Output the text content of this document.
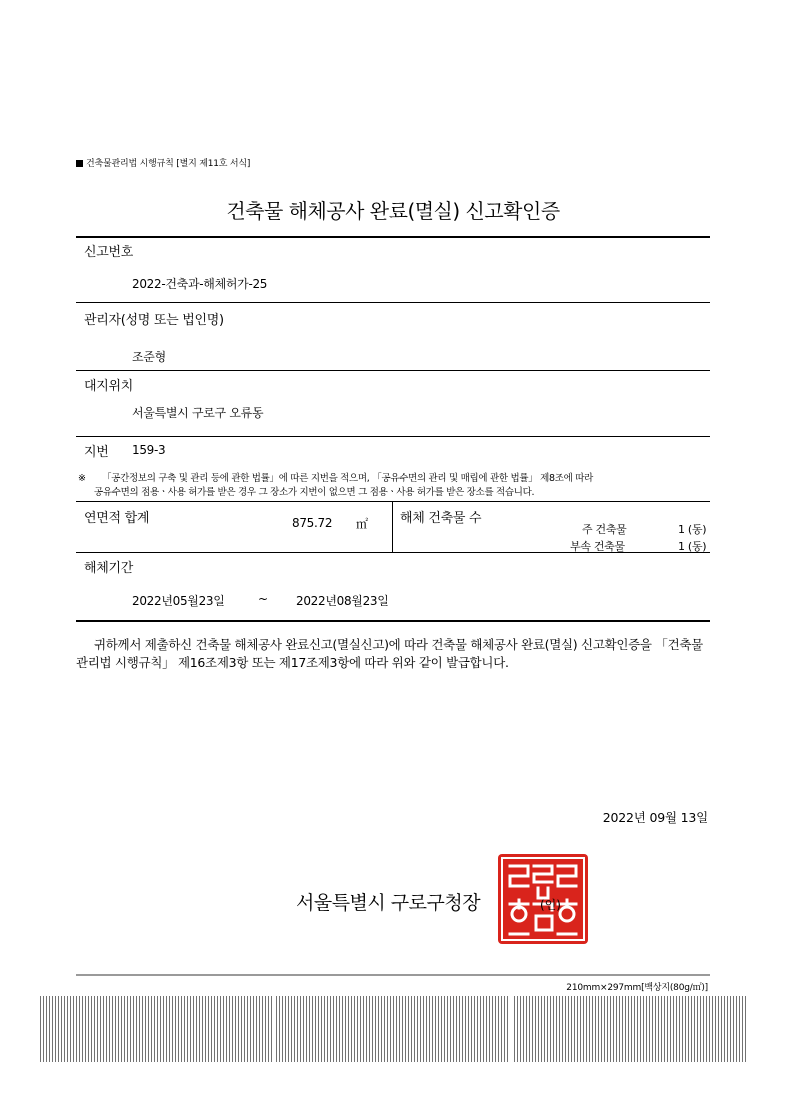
건축물관리법 시행규칙 [별지 제11호 서식]
건축물 해체공사 완료(멸실) 신고확인증
신고번호
2022-건축과-해체허가-25
관리자(성명 또는 법인명)
조준형
대지위치
서울특별시 구로구 오류동
지번 159-3
※ 「공간정보의 구축 및 관리 등에 관한 법률」에 따른 지번을 적으며, 「공유수면의 관리 및 매립에 관한 법률」 제8조에 따라
공유수면의 점용ㆍ사용 허가를 받은 경우 그 장소가 지번이 없으면 그 점용ㆍ사용 허가를 받은 장소를 적습니다.
연면적 합계	875.72 ㎡ 해체 건축물 수
주 건축물	1 (동)
부속 건축물	1 (동)
해체기간
2022년05월23일	~ 2022년08월23일
귀하께서 제출하신 건축물 해체공사 완료신고(멸실신고)에 따라 건축물 해체공사 완료(멸실) 신고확인증을 「건축물관리법 시행규칙」 제16조제3항 또는 제17조제3항에 따라 위와 같이 발급합니다.
2022년 09월 13일
서울특별시 구로구청장	(인)
210mm×297mm[백상지(80g/㎡)]
